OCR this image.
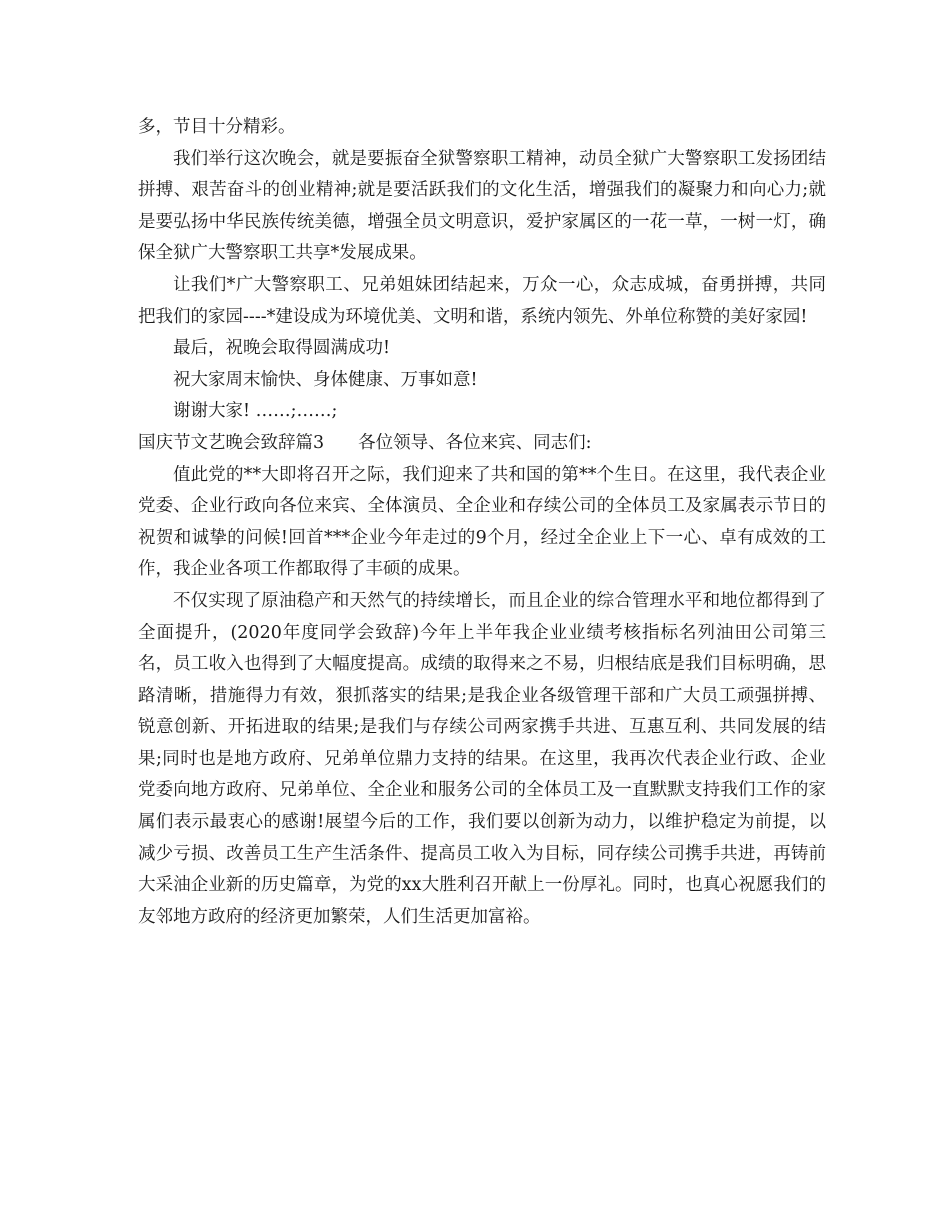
多，节目十分精彩。

我们举行这次晚会，就是要振奋全狱警察职工精神，动员全狱广大警察职工发扬团结拼搏、艰苦奋斗的创业精神;就是要活跃我们的文化生活，增强我们的凝聚力和向心力;就是要弘扬中华民族传统美德，增强全员文明意识，爱护家属区的一花一草，一树一灯，确保全狱广大警察职工共享*发展成果。

让我们*广大警察职工、兄弟姐妹团结起来，万众一心，众志成城，奋勇拼搏，共同把我们的家园----*建设成为环境优美、文明和谐，系统内领先、外单位称赞的美好家园!

最后，祝晚会取得圆满成功!

祝大家周末愉快、身体健康、万事如意!

谢谢大家! ……;……;

国庆节文艺晚会致辞篇3 各位领导、各位来宾、同志们:

值此党的**大即将召开之际，我们迎来了共和国的第**个生日。在这里，我代表企业党委、企业行政向各位来宾、全体演员、全企业和存续公司的全体员工及家属表示节日的祝贺和诚挚的问候!回首***企业今年走过的9个月，经过全企业上下一心、卓有成效的工作，我企业各项工作都取得了丰硕的成果。

不仅实现了原油稳产和天然气的持续增长，而且企业的综合管理水平和地位都得到了全面提升，(2020年度同学会致辞)今年上半年我企业业绩考核指标名列油田公司第三名，员工收入也得到了大幅度提高。成绩的取得来之不易，归根结底是我们目标明确，思路清晰，措施得力有效，狠抓落实的结果;是我企业各级管理干部和广大员工顽强拼搏、锐意创新、开拓进取的结果;是我们与存续公司两家携手共进、互惠互利、共同发展的结果;同时也是地方政府、兄弟单位鼎力支持的结果。在这里，我再次代表企业行政、企业党委向地方政府、兄弟单位、全企业和服务公司的全体员工及一直默默支持我们工作的家属们表示最衷心的感谢!展望今后的工作，我们要以创新为动力，以维护稳定为前提，以减少亏损、改善员工生产生活条件、提高员工收入为目标，同存续公司携手共进，再铸前大采油企业新的历史篇章，为党的xx大胜利召开献上一份厚礼。同时，也真心祝愿我们的友邻地方政府的经济更加繁荣，人们生活更加富裕。
